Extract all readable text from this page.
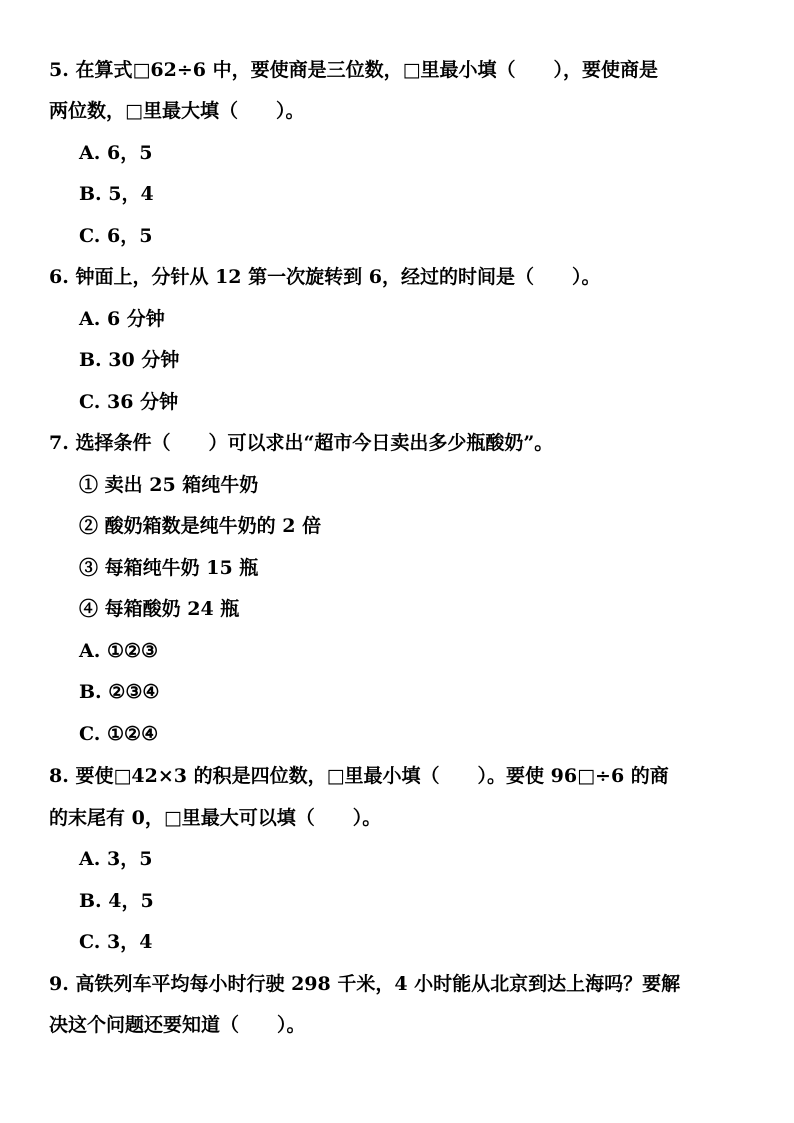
5. 在算式□62÷6 中，要使商是三位数，□里最小填（　　），要使商是
两位数，□里最大填（　　）。
A. 6，5
B. 5，4
C. 6，5
6. 钟面上，分针从 12 第一次旋转到 6，经过的时间是（　　）。
A. 6 分钟
B. 30 分钟
C. 36 分钟
7. 选择条件（　　）可以求出“超市今日卖出多少瓶酸奶”。
① 卖出 25 箱纯牛奶
② 酸奶箱数是纯牛奶的 2 倍
③ 每箱纯牛奶 15 瓶
④ 每箱酸奶 24 瓶
A. ①②③
B. ②③④
C. ①②④
8. 要使□42×3 的积是四位数，□里最小填（　　）。要使 96□÷6 的商
的末尾有 0，□里最大可以填（　　）。
A. 3，5
B. 4，5
C. 3，4
9. 高铁列车平均每小时行驶 298 千米，4 小时能从北京到达上海吗？要解
决这个问题还要知道（　　）。
